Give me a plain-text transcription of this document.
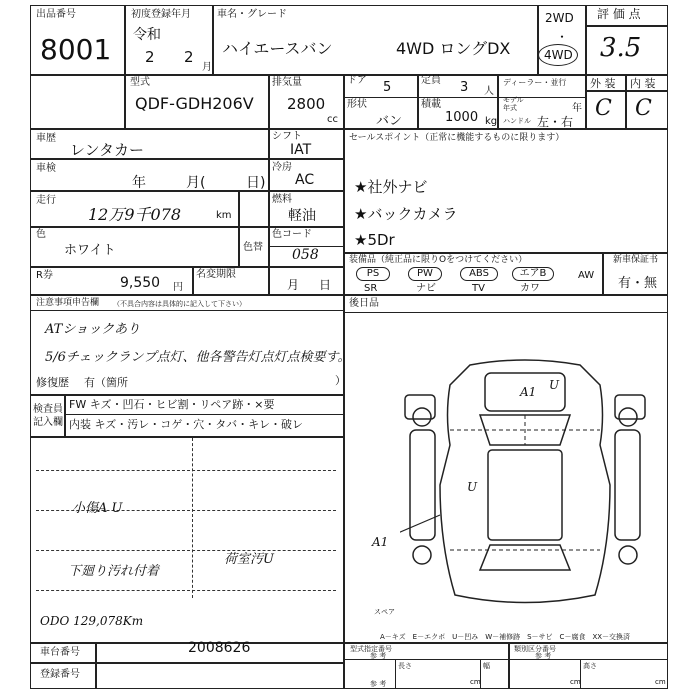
出品番号
8001
初度登録年月
令和
2 2
月
車名・グレード
ハイエースバン	4WD ロングDX
2WD
・
4WD
評 価 点
3.5
外 装 内 装
C C
型式
QDF-GDH206V
排気量
2800
cc
ドア 5	定員 3 人
形状
バン
積載
1000 kg
ディーラー・並行
モデル年式	年
ハンドル 左・右
車歴
レンタカー
シフト
IAT
車検
年	月(	日)
冷房
AC
走行
12万9千078	km
燃料
軽油
色
ホワイト	色替
色コード
058
R券	9,550 円
名変期限
月 日
セールスポイント（正常に機能するものに限ります）
★社外ナビ
★バックカメラ
★5Dr
装備品（純正品に限りOをつけてください）
PS	PW	ABS	エアB
SR	ナビ	TV	カワ
AW
新車保証书
有・無
注意事項申告欄 （不具合内容は具体的に記入して下さい）
ATショックあり
5/6チェックランプ点灯、他各警告灯点灯点検要す。
修復歴 有（箇所	）
検査員
記入欄
FW キズ・凹石・ヒビ割・リペア跡・×要
内装 キズ・汚レ・コゲ・穴・タバ・キレ・破レ
小傷A U
下廻り汚れ付着
荷室汚U
ODO 129,078Km
後日品
A1 U
A1
U
スペア
A－キズ　E－エクボ　U－凹み　W－補修跡　S－サビ　C－腐食　XX－交換済
車台番号	2008626
登録番号
型式指定番号
参 考
類別区分番号
参 考
長さ	幅	高さ
cm	cm	cm
参 考
